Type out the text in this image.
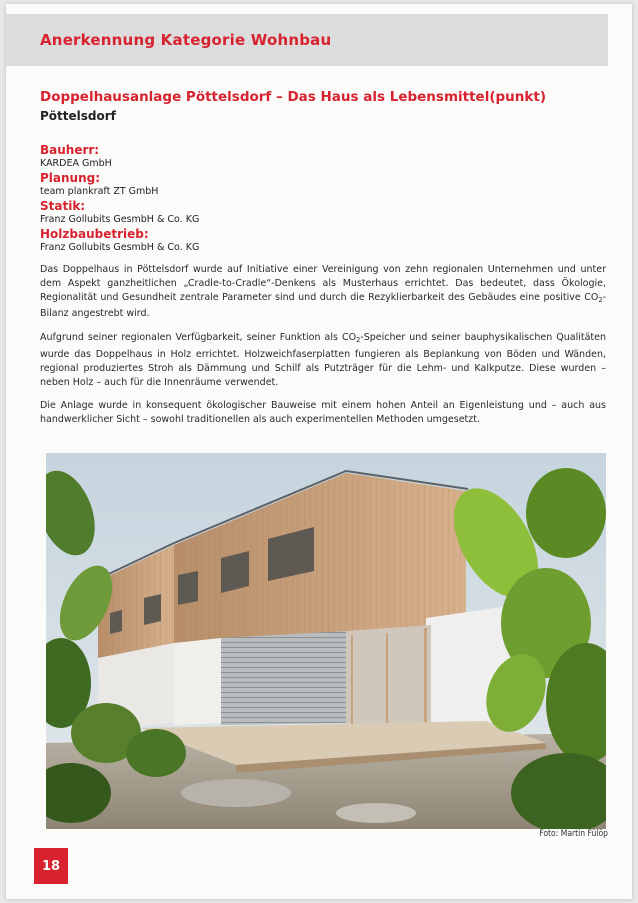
Anerkennung Kategorie Wohnbau
Doppelhausanlage Pöttelsdorf – Das Haus als Lebensmittel(punkt)
Pöttelsdorf
Bauherr:
KARDEA GmbH
Planung:
team plankraft ZT GmbH
Statik:
Franz Gollubits GesmbH & Co. KG
Holzbaubetrieb:
Franz Gollubits GesmbH & Co. KG

Das Doppelhaus in Pöttelsdorf wurde auf Initiative einer Vereinigung von zehn regionalen Unternehmen und unter dem Aspekt ganzheitlichen „Cradle-to-Cradle“-Denkens als Musterhaus errichtet. Das bedeutet, dass Ökologie, Regionalität und Gesundheit zentrale Parameter sind und durch die Rezyklierbarkeit des Gebäudes eine positive $CO_2$-Bilanz angestrebt wird.

Aufgrund seiner regionalen Verfügbarkeit, seiner Funktion als $CO_2$-Speicher und seiner bauphysikalischen Qualitäten wurde das Doppelhaus in Holz errichtet. Holzweichfaserplatten fungieren als Beplankung von Böden und Wänden, regional produziertes Stroh als Dämmung und Schilf als Putzträger für die Lehm- und Kalkputze. Diese wurden – neben Holz – auch für die Innenräume verwendet.

Die Anlage wurde in konsequent ökologischer Bauweise mit einem hohen Anteil an Eigenleistung und – auch aus handwerklicher Sicht – sowohl traditionellen als auch experimentellen Methoden umgesetzt.

Foto: Martin Fülöp
18
